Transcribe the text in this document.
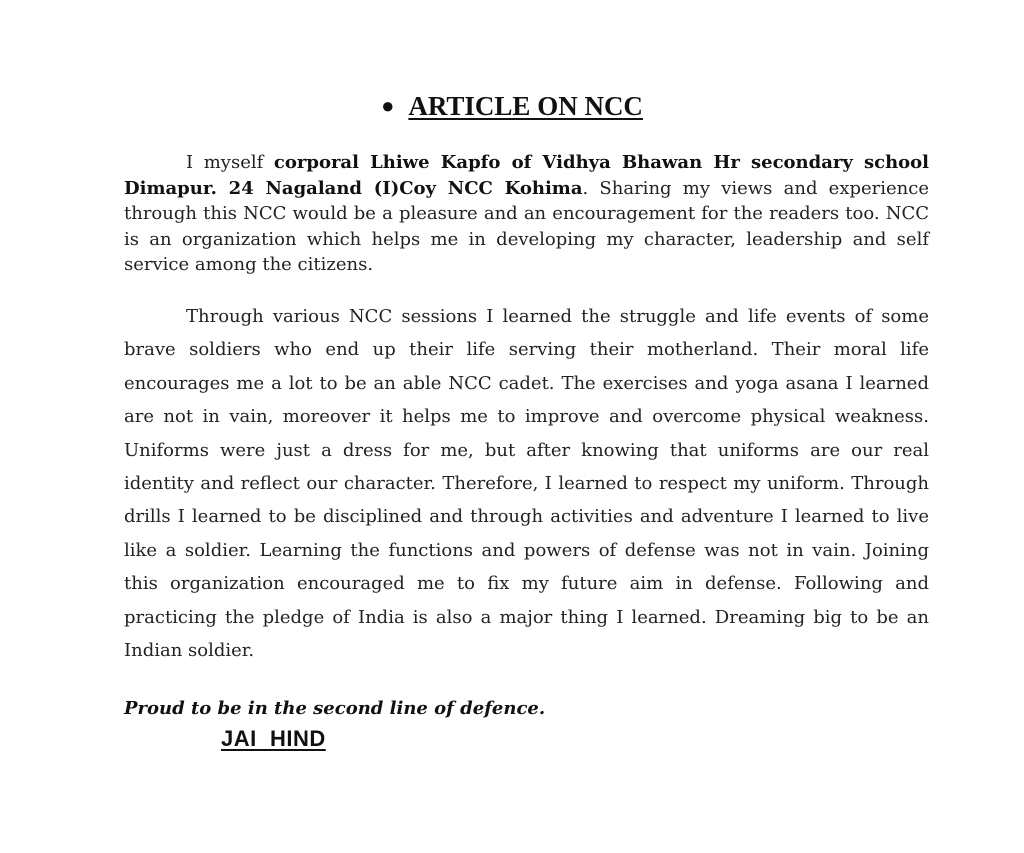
● ARTICLE ON NCC

I myself corporal Lhiwe Kapfo of Vidhya Bhawan Hr secondary school Dimapur. 24 Nagaland (I)Coy NCC Kohima. Sharing my views and experience through this NCC would be a pleasure and an encouragement for the readers too. NCC is an organization which helps me in developing my character, leadership and self service among the citizens.

Through various NCC sessions I learned the struggle and life events of some brave soldiers who end up their life serving their motherland. Their moral life encourages me a lot to be an able NCC cadet. The exercises and yoga asana I learned are not in vain, moreover it helps me to improve and overcome physical weakness. Uniforms were just a dress for me, but after knowing that uniforms are our real identity and reflect our character. Therefore, I learned to respect my uniform. Through drills I learned to be disciplined and through activities and adventure I learned to live like a soldier. Learning the functions and powers of defense was not in vain. Joining this organization encouraged me to fix my future aim in defense. Following and practicing the pledge of India is also a major thing I learned. Dreaming big to be an Indian soldier.

Proud to be in the second line of defence.

JAI  HIND
